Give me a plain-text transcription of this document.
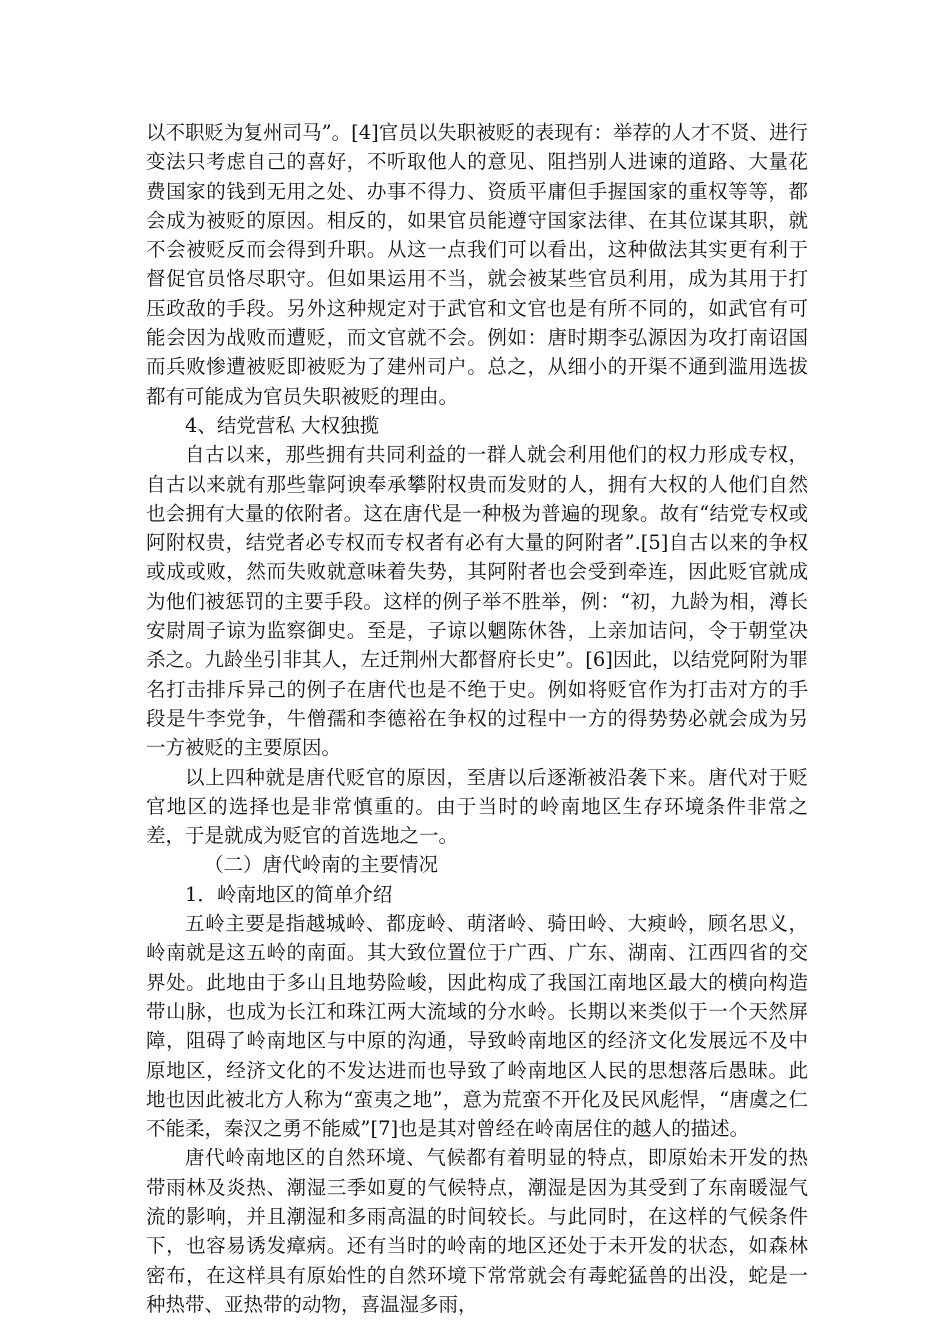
以不职贬为复州司马”。[4]官员以失职被贬的表现有：举荐的人才不贤、进行变法只考虑自己的喜好，不听取他人的意见、阻挡别人进谏的道路、大量花费国家的钱到无用之处、办事不得力、资质平庸但手握国家的重权等等，都会成为被贬的原因。相反的，如果官员能遵守国家法律、在其位谋其职，就不会被贬反而会得到升职。从这一点我们可以看出，这种做法其实更有利于督促官员恪尽职守。但如果运用不当，就会被某些官员利用，成为其用于打压政敌的手段。另外这种规定对于武官和文官也是有所不同的，如武官有可能会因为战败而遭贬，而文官就不会。例如：唐时期李弘源因为攻打南诏国而兵败惨遭被贬即被贬为了建州司户。总之，从细小的开渠不通到滥用选拔都有可能成为官员失职被贬的理由。

4、结党营私 大权独揽

自古以来，那些拥有共同利益的一群人就会利用他们的权力形成专权，自古以来就有那些靠阿谀奉承攀附权贵而发财的人，拥有大权的人他们自然也会拥有大量的依附者。这在唐代是一种极为普遍的现象。故有“结党专权或阿附权贵，结党者必专权而专权者有必有大量的阿附者”.[5]自古以来的争权或成或败，然而失败就意味着失势，其阿附者也会受到牵连，因此贬官就成为他们被惩罚的主要手段。这样的例子举不胜举，例：“初，九龄为相，澊长安尉周子谅为监察御史。至是，子谅以魍陈休咎，上亲加诘问，令于朝堂决杀之。九龄坐引非其人，左迁荆州大都督府长史”。[6]因此，以结党阿附为罪名打击排斥异己的例子在唐代也是不绝于史。例如将贬官作为打击对方的手段是牛李党争，牛僧孺和李德裕在争权的过程中一方的得势势必就会成为另一方被贬的主要原因。

以上四种就是唐代贬官的原因，至唐以后逐渐被沿袭下来。唐代对于贬官地区的选择也是非常慎重的。由于当时的岭南地区生存环境条件非常之差，于是就成为贬官的首选地之一。

（二）唐代岭南的主要情况

1．岭南地区的简单介绍

五岭主要是指越城岭、都庞岭、萌渚岭、骑田岭、大瘐岭，顾名思义，岭南就是这五岭的南面。其大致位置位于广西、广东、湖南、江西四省的交界处。此地由于多山且地势险峻，因此构成了我国江南地区最大的横向构造带山脉，也成为长江和珠江两大流域的分水岭。长期以来类似于一个天然屏障，阻碍了岭南地区与中原的沟通，导致岭南地区的经济文化发展远不及中原地区，经济文化的不发达进而也导致了岭南地区人民的思想落后愚昧。此地也因此被北方人称为“蛮夷之地”，意为荒蛮不开化及民风彪悍，“唐虞之仁不能柔，秦汉之勇不能威”[7]也是其对曾经在岭南居住的越人的描述。

唐代岭南地区的自然环境、气候都有着明显的特点，即原始未开发的热带雨林及炎热、潮湿三季如夏的气候特点，潮湿是因为其受到了东南暖湿气流的影响，并且潮湿和多雨高温的时间较长。与此同时，在这样的气候条件下，也容易诱发瘴病。还有当时的岭南的地区还处于未开发的状态，如森林密布，在这样具有原始性的自然环境下常常就会有毒蛇猛兽的出没，蛇是一种热带、亚热带的动物，喜温湿多雨，
